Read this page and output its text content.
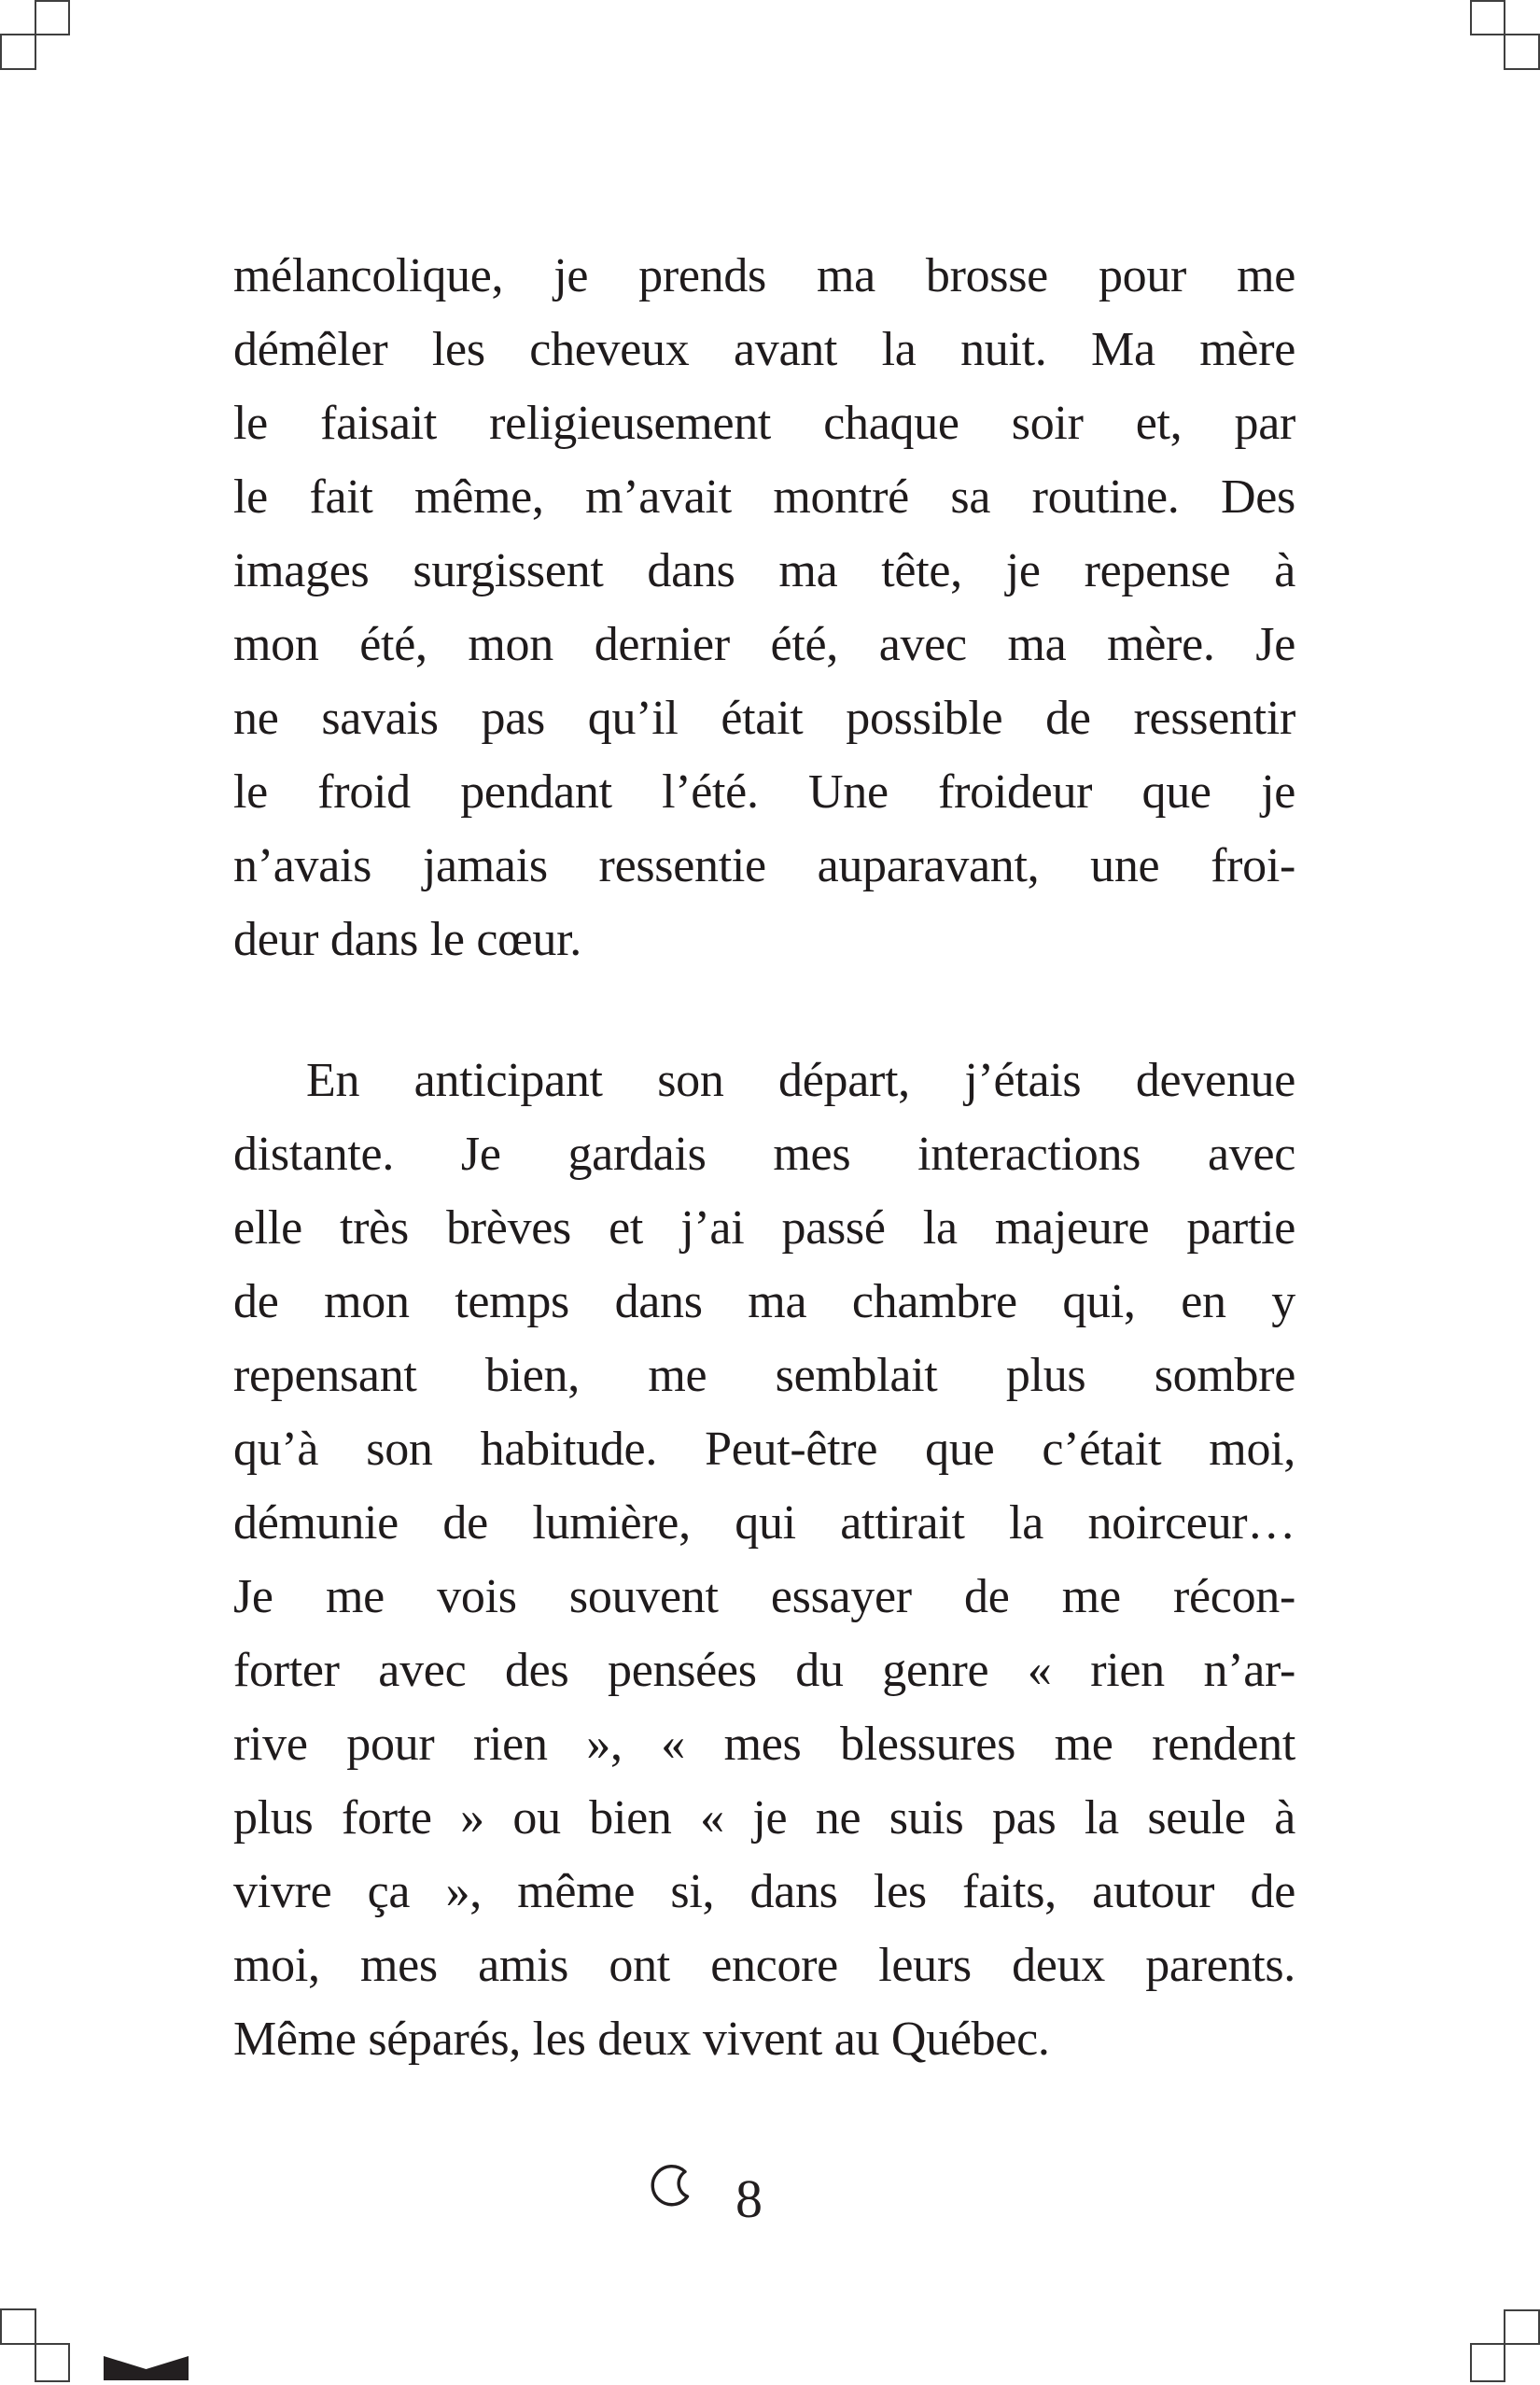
mélancolique, je prends ma brosse pour me
démêler les cheveux avant la nuit. Ma mère
le faisait religieusement chaque soir et, par
le fait même, m’avait montré sa routine. Des
images surgissent dans ma tête, je repense à
mon été, mon dernier été, avec ma mère. Je
ne savais pas qu’il était possible de ressentir
le froid pendant l’été. Une froideur que je
n’avais jamais ressentie auparavant, une froi-
deur dans le cœur.
En anticipant son départ, j’étais devenue
distante. Je gardais mes interactions avec
elle très brèves et j’ai passé la majeure partie
de mon temps dans ma chambre qui, en y
repensant bien, me semblait plus sombre
qu’à son habitude. Peut-être que c’était moi,
démunie de lumière, qui attirait la noirceur…
Je me vois souvent essayer de me récon-
forter avec des pensées du genre « rien n’ar-
rive pour rien », « mes blessures me rendent
plus forte » ou bien « je ne suis pas la seule à
vivre ça », même si, dans les faits, autour de
moi, mes amis ont encore leurs deux parents.
Même séparés, les deux vivent au Québec.
8
